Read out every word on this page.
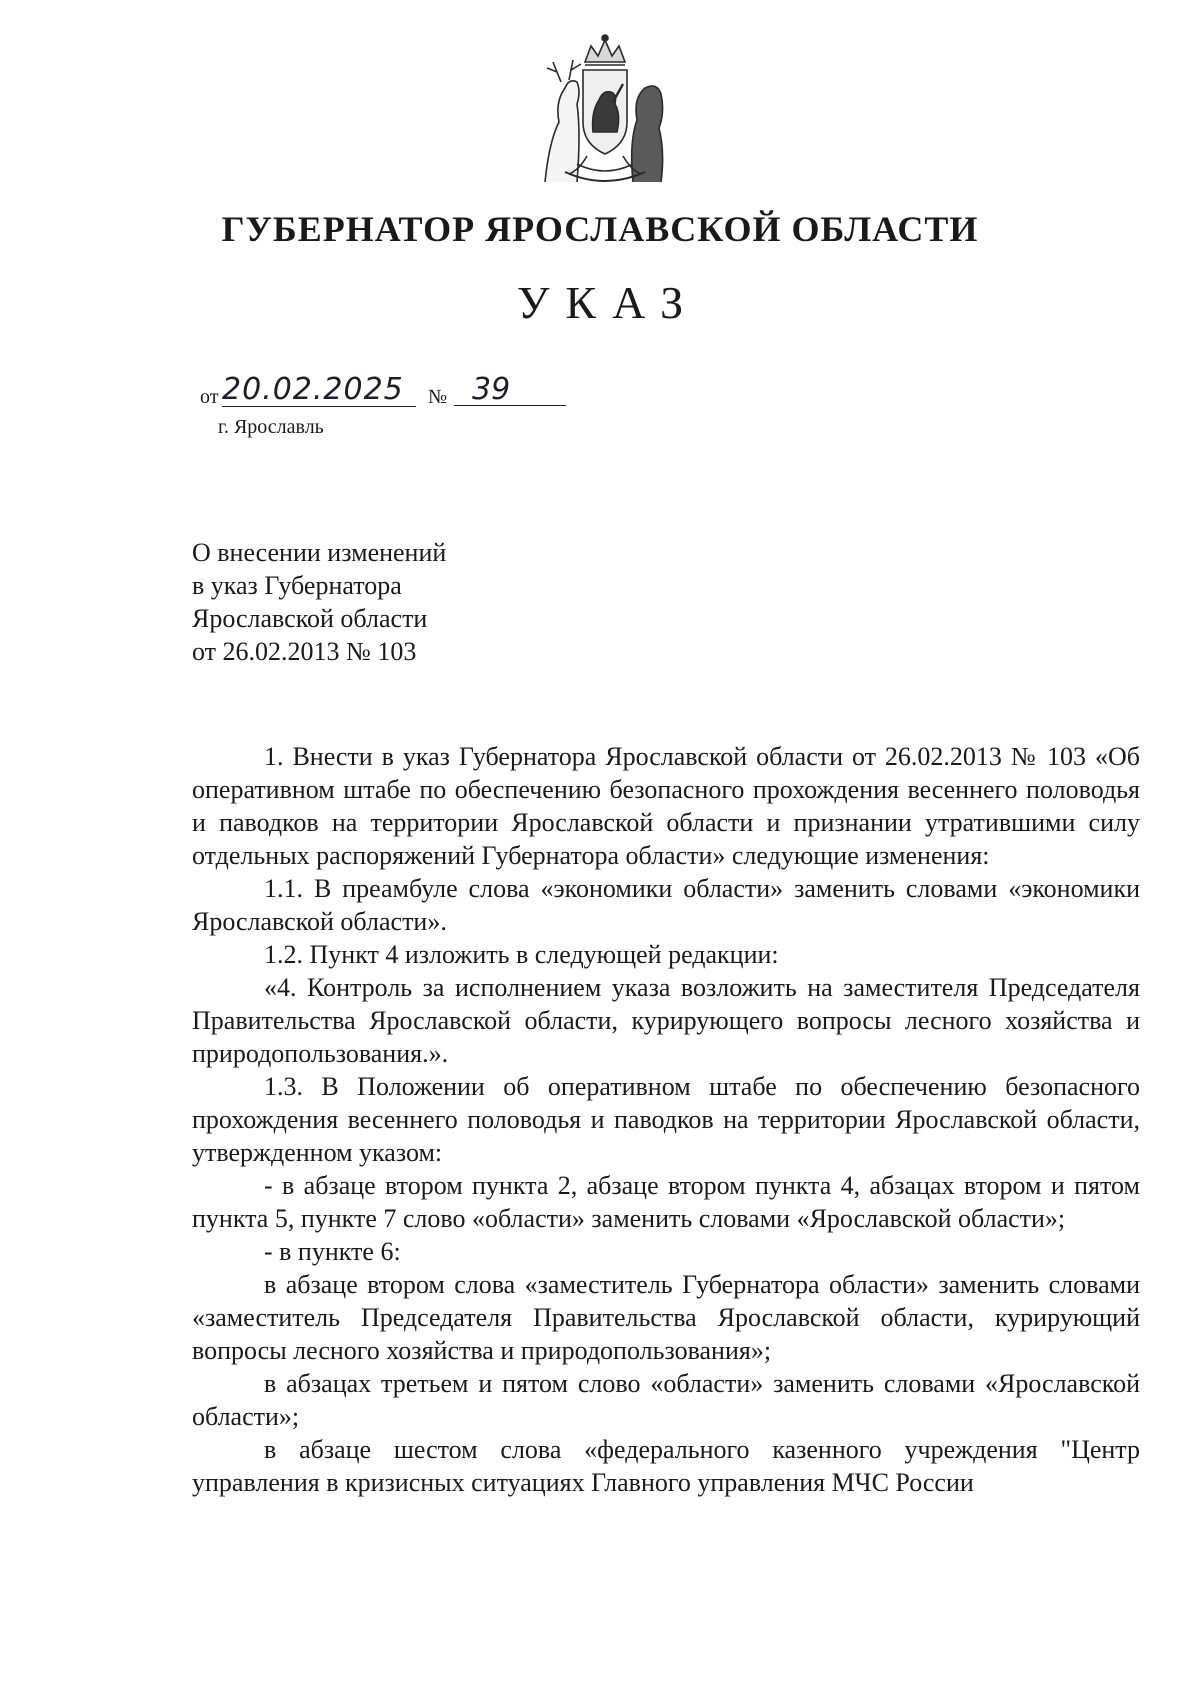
ГУБЕРНАТОР ЯРОСЛАВСКОЙ ОБЛАСТИ
УКАЗ
от 20.02.2025	№ 39
г. Ярославль
О внесении изменений
в указ Губернатора
Ярославской области
от 26.02.2013 № 103
1. Внести в указ Губернатора Ярославской области от 26.02.2013 № 103 «Об оперативном штабе по обеспечению безопасного прохождения весеннего половодья и паводков на территории Ярославской области и признании утратившими силу отдельных распоряжений Губернатора области» следующие изменения:
1.1. В преамбуле слова «экономики области» заменить словами «экономики Ярославской области».
1.2. Пункт 4 изложить в следующей редакции:
«4. Контроль за исполнением указа возложить на заместителя Председателя Правительства Ярославской области, курирующего вопросы лесного хозяйства и природопользования.».
1.3. В Положении об оперативном штабе по обеспечению безопасного прохождения весеннего половодья и паводков на территории Ярославской области, утвержденном указом:
- в абзаце втором пункта 2, абзаце втором пункта 4, абзацах втором и пятом пункта 5, пункте 7 слово «области» заменить словами «Ярославской области»;
- в пункте 6:
в абзаце втором слова «заместитель Губернатора области» заменить словами «заместитель Председателя Правительства Ярославской области, курирующий вопросы лесного хозяйства и природопользования»;
в абзацах третьем и пятом слово «области» заменить словами «Ярославской области»;
в абзаце шестом слова «федерального казенного учреждения "Центр управления в кризисных ситуациях Главного управления МЧС России
